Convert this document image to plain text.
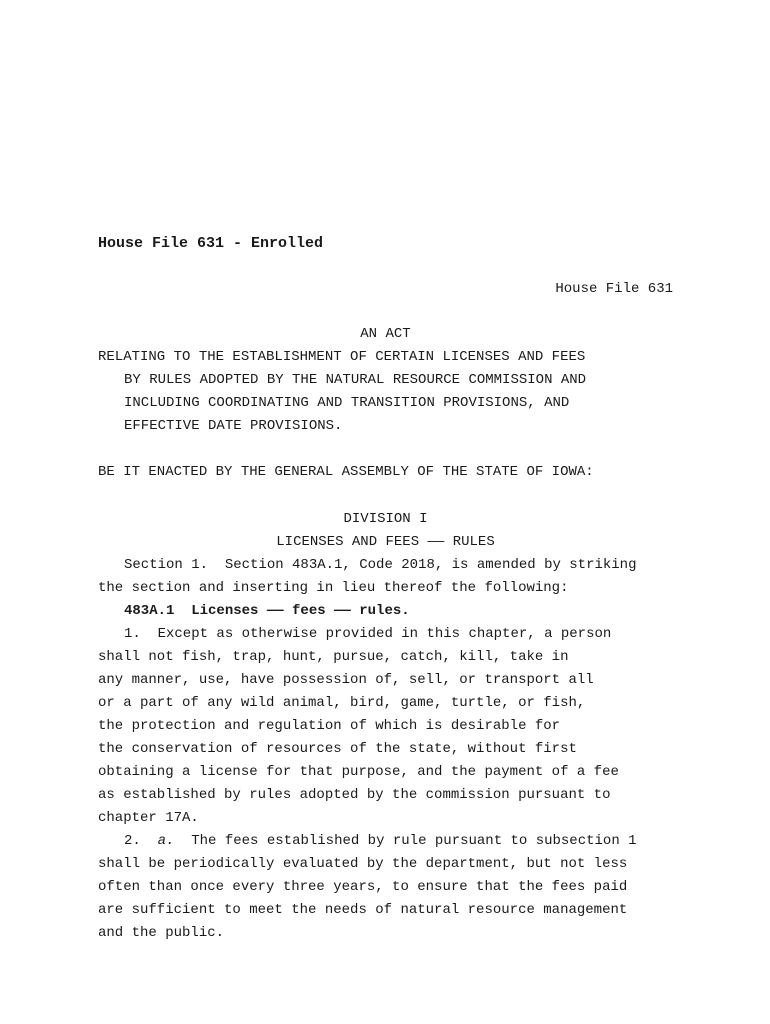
House File 631 - Enrolled
House File 631
AN ACT
RELATING TO THE ESTABLISHMENT OF CERTAIN LICENSES AND FEES
BY RULES ADOPTED BY THE NATURAL RESOURCE COMMISSION AND
INCLUDING COORDINATING AND TRANSITION PROVISIONS, AND
EFFECTIVE DATE PROVISIONS.
BE IT ENACTED BY THE GENERAL ASSEMBLY OF THE STATE OF IOWA:
DIVISION I
LICENSES AND FEES —— RULES
Section 1.  Section 483A.1, Code 2018, is amended by striking
the section and inserting in lieu thereof the following:
483A.1  Licenses —— fees —— rules.
1.  Except as otherwise provided in this chapter, a person
shall not fish, trap, hunt, pursue, catch, kill, take in
any manner, use, have possession of, sell, or transport all
or a part of any wild animal, bird, game, turtle, or fish,
the protection and regulation of which is desirable for
the conservation of resources of the state, without first
obtaining a license for that purpose, and the payment of a fee
as established by rules adopted by the commission pursuant to
chapter 17A.
2. a. The fees established by rule pursuant to subsection 1
shall be periodically evaluated by the department, but not less
often than once every three years, to ensure that the fees paid
are sufficient to meet the needs of natural resource management
and the public.
